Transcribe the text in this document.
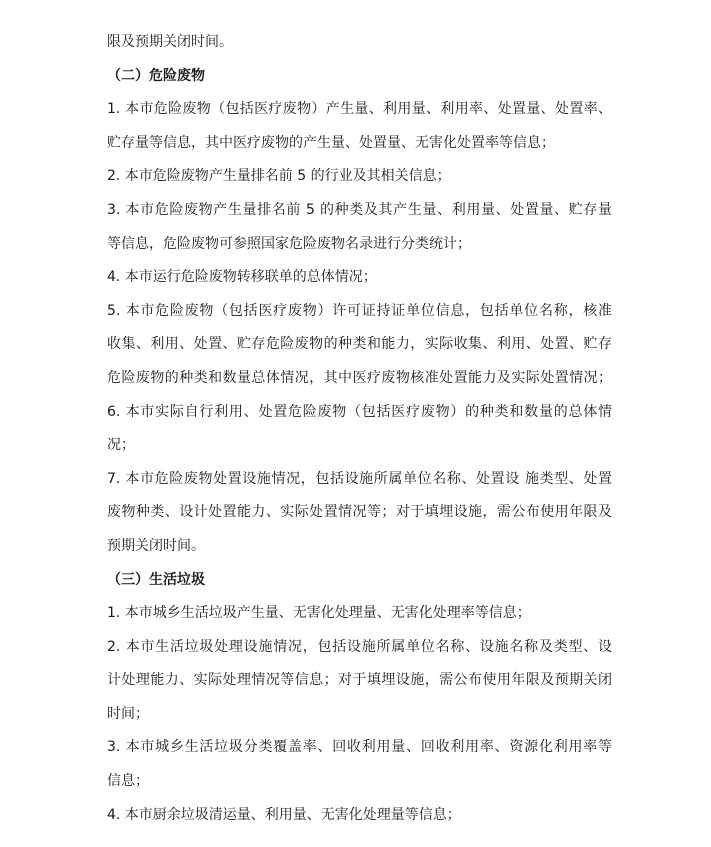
限及预期关闭时间。
（二）危险废物
1. 本市危险废物（包括医疗废物）产生量、利用量、利用率、处置量、处置率、
贮存量等信息，其中医疗废物的产生量、处置量、无害化处置率等信息；
2. 本市危险废物产生量排名前 5 的行业及其相关信息；
3. 本市危险废物产生量排名前 5 的种类及其产生量、利用量、处置量、贮存量
等信息，危险废物可参照国家危险废物名录进行分类统计；
4. 本市运行危险废物转移联单的总体情况；
5. 本市危险废物（包括医疗废物）许可证持证单位信息，包括单位名称，核准
收集、利用、处置、贮存危险废物的种类和能力，实际收集、利用、处置、贮存
危险废物的种类和数量总体情况，其中医疗废物核准处置能力及实际处置情况；
6. 本市实际自行利用、处置危险废物（包括医疗废物）的种类和数量的总体情
况；
7. 本市危险废物处置设施情况，包括设施所属单位名称、处置设 施类型、处置
废物种类、设计处置能力、实际处置情况等；对于填埋设施，需公布使用年限及
预期关闭时间。
（三）生活垃圾
1. 本市城乡生活垃圾产生量、无害化处理量、无害化处理率等信息；
2. 本市生活垃圾处理设施情况，包括设施所属单位名称、设施名称及类型、设
计处理能力、实际处理情况等信息；对于填埋设施，需公布使用年限及预期关闭
时间；
3. 本市城乡生活垃圾分类覆盖率、回收利用量、回收利用率、资源化利用率等
信息；
4. 本市厨余垃圾清运量、利用量、无害化处理量等信息；
